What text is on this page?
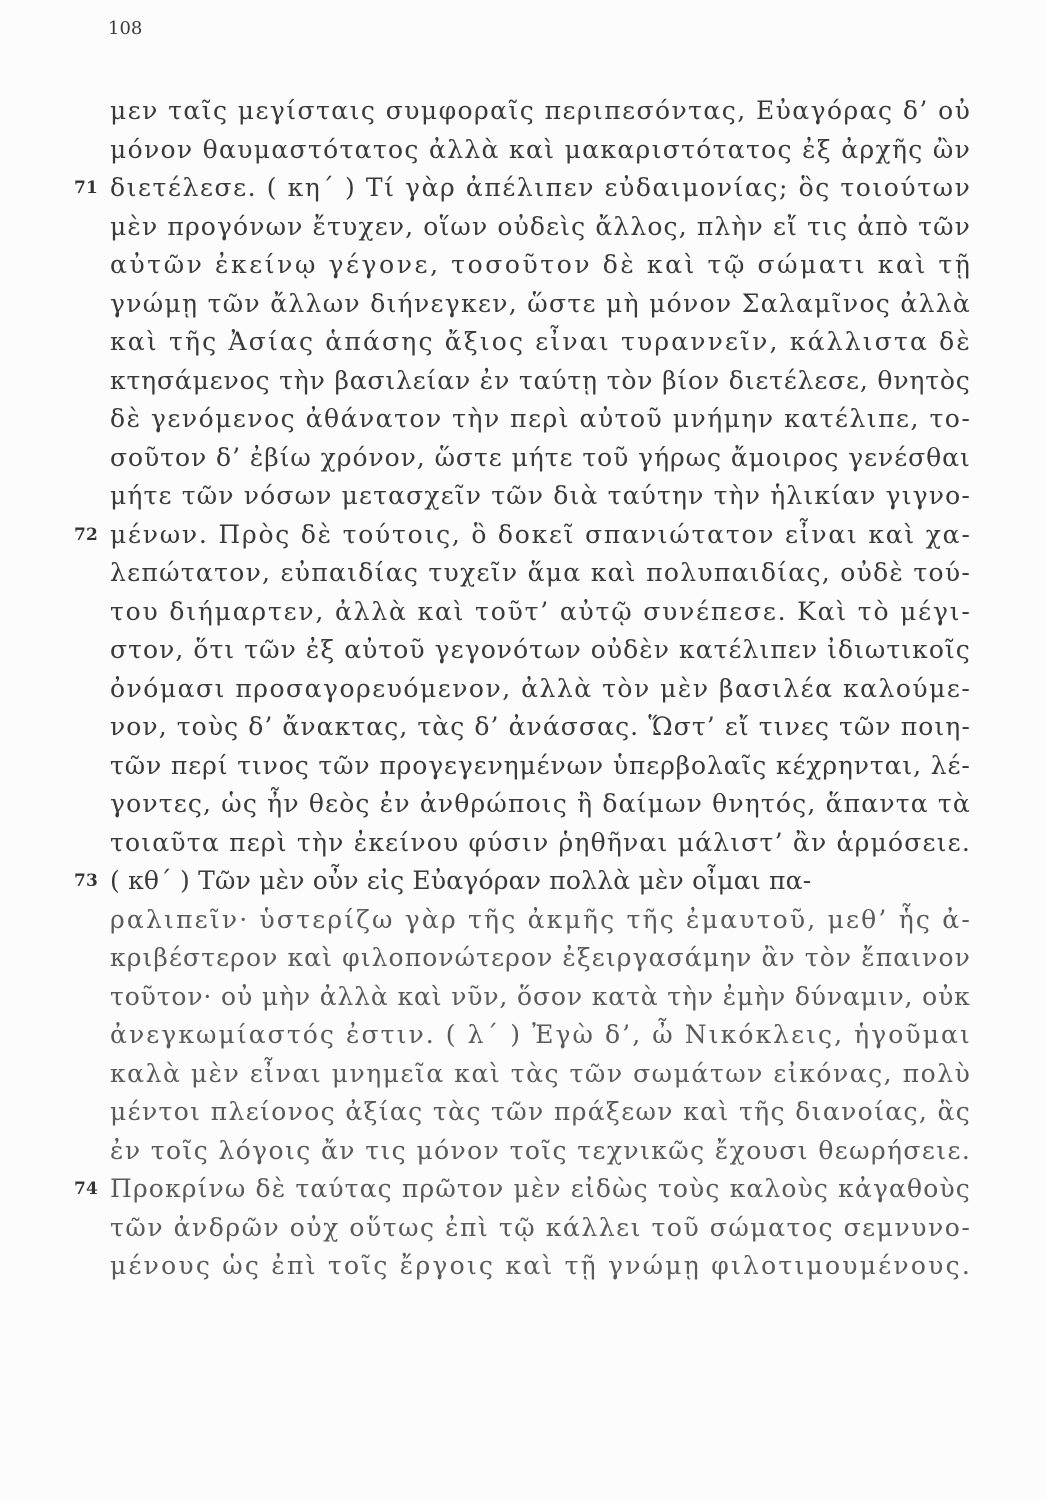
108
μεν ταῖς μεγίσταις συμφοραῖς περιπεσόντας, Εὐαγόρας δ’ οὐ
μόνον θαυμαστότατος ἀλλὰ καὶ μακαριστότατος ἐξ ἀρχῆς ὢν
71 διετέλεσε. ( κη΄ ) Τί γὰρ ἀπέλιπεν εὐδαιμονίας; ὃς τοιούτων
μὲν προγόνων ἔτυχεν, οἵων οὐδεὶς ἄλλος, πλὴν εἴ τις ἀπὸ τῶν
αὐτῶν ἐκείνῳ γέγονε, τοσοῦτον δὲ καὶ τῷ σώματι καὶ τῇ
γνώμῃ τῶν ἄλλων διήνεγκεν, ὥστε μὴ μόνον Σαλαμῖνος ἀλλὰ
καὶ τῆς Ἀσίας ἁπάσης ἄξιος εἶναι τυραννεῖν, κάλλιστα δὲ
κτησάμενος τὴν βασιλείαν ἐν ταύτῃ τὸν βίον διετέλεσε, θνητὸς
δὲ γενόμενος ἀθάνατον τὴν περὶ αὐτοῦ μνήμην κατέλιπε, το-
σοῦτον δ’ ἐβίω χρόνον, ὥστε μήτε τοῦ γήρως ἄμοιρος γενέσθαι
μήτε τῶν νόσων μετασχεῖν τῶν διὰ ταύτην τὴν ἡλικίαν γιγνο-
72 μένων. Πρὸς δὲ τούτοις, ὃ δοκεῖ σπανιώτατον εἶναι καὶ χα-
λεπώτατον, εὐπαιδίας τυχεῖν ἅμα καὶ πολυπαιδίας, οὐδὲ τού-
του διήμαρτεν, ἀλλὰ καὶ τοῦτ’ αὐτῷ συνέπεσε. Καὶ τὸ μέγι-
στον, ὅτι τῶν ἐξ αὐτοῦ γεγονότων οὐδὲν κατέλιπεν ἰδιωτικοῖς
ὀνόμασι προσαγορευόμενον, ἀλλὰ τὸν μὲν βασιλέα καλούμε-
νον, τοὺς δ’ ἄνακτας, τὰς δ’ ἀνάσσας. Ὥστ’ εἴ τινες τῶν ποιη-
τῶν περί τινος τῶν προγεγενημένων ὑπερβολαῖς κέχρηνται, λέ-
γοντες, ὡς ἦν θεὸς ἐν ἀνθρώποις ἢ δαίμων θνητός, ἅπαντα τὰ
τοιαῦτα περὶ τὴν ἐκείνου φύσιν ῥηθῆναι μάλιστ’ ἂν ἁρμόσειε.
73 ( κθ΄ ) Τῶν μὲν οὖν εἰς Εὐαγόραν πολλὰ μὲν οἶμαι πα-
ραλιπεῖν· ὑστερίζω γὰρ τῆς ἀκμῆς τῆς ἐμαυτοῦ, μεθ’ ἧς ἀ-
κριβέστερον καὶ φιλοπονώτερον ἐξειργασάμην ἂν τὸν ἔπαινον
τοῦτον· οὐ μὴν ἀλλὰ καὶ νῦν, ὅσον κατὰ τὴν ἐμὴν δύναμιν, οὐκ
ἀνεγκωμίαστός ἐστιν. ( λ΄ ) Ἐγὼ δ’, ὦ Νικόκλεις, ἡγοῦμαι
καλὰ μὲν εἶναι μνημεῖα καὶ τὰς τῶν σωμάτων εἰκόνας, πολὺ
μέντοι πλείονος ἀξίας τὰς τῶν πράξεων καὶ τῆς διανοίας, ἃς
ἐν τοῖς λόγοις ἄν τις μόνον τοῖς τεχνικῶς ἔχουσι θεωρήσειε.
74 Προκρίνω δὲ ταύτας πρῶτον μὲν εἰδὼς τοὺς καλοὺς κἀγαθοὺς
τῶν ἀνδρῶν οὐχ οὕτως ἐπὶ τῷ κάλλει τοῦ σώματος σεμνυνο-
μένους ὡς ἐπὶ τοῖς ἔργοις καὶ τῇ γνώμῃ φιλοτιμουμένους.
